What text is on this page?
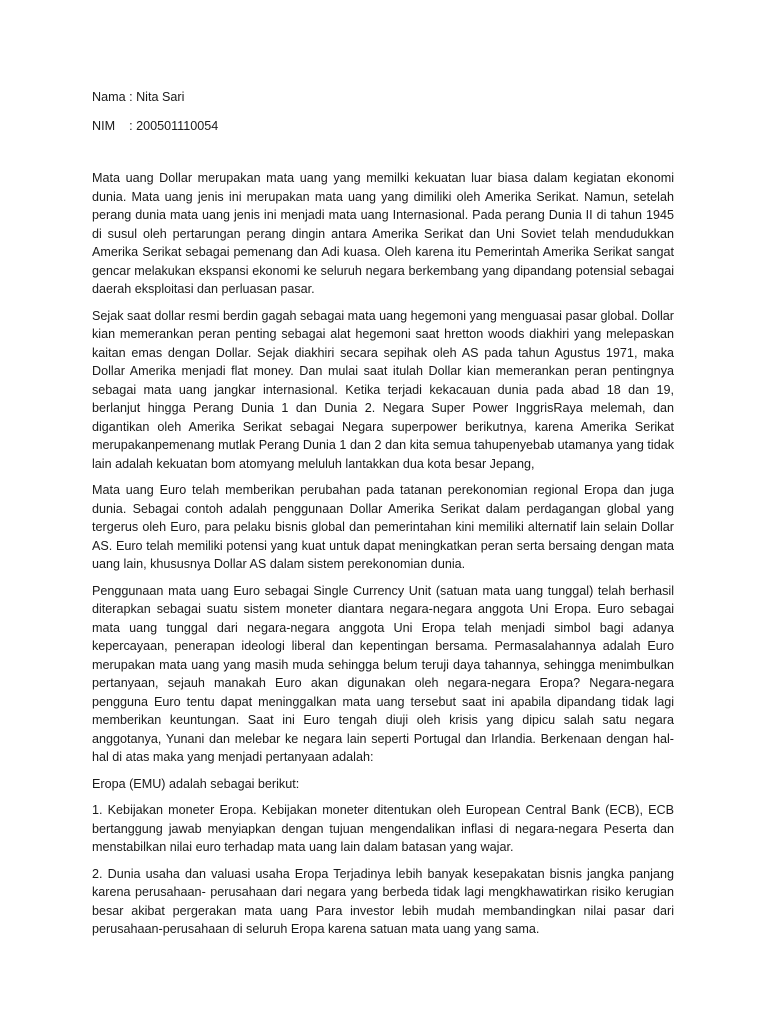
Nama : Nita Sari
NIM    : 200501110054

Mata uang Dollar merupakan mata uang yang memilki kekuatan luar biasa dalam kegiatan ekonomi dunia. Mata uang jenis ini merupakan mata uang yang dimiliki oleh Amerika Serikat. Namun, setelah perang dunia mata uang jenis ini menjadi mata uang Internasional. Pada perang Dunia II di tahun 1945 di susul oleh pertarungan perang dingin antara Amerika Serikat dan Uni Soviet telah mendudukkan Amerika Serikat sebagai pemenang dan Adi kuasa. Oleh karena itu Pemerintah Amerika Serikat sangat gencar melakukan ekspansi ekonomi ke seluruh negara berkembang yang dipandang potensial sebagai daerah eksploitasi dan perluasan pasar.

Sejak saat dollar resmi berdin gagah sebagai mata uang hegemoni yang menguasai pasar global. Dollar kian memerankan peran penting sebagai alat hegemoni saat hretton woods diakhiri yang melepaskan kaitan emas dengan Dollar. Sejak diakhiri secara sepihak oleh AS pada tahun Agustus 1971, maka Dollar Amerika menjadi flat money. Dan mulai saat itulah Dollar kian memerankan peran pentingnya sebagai mata uang jangkar internasional. Ketika terjadi kekacauan dunia pada abad 18 dan 19, berlanjut hingga Perang Dunia 1 dan Dunia 2. Negara Super Power InggrisRaya melemah, dan digantikan oleh Amerika Serikat sebagai Negara superpower berikutnya, karena Amerika Serikat merupakanpemenang mutlak Perang Dunia 1 dan 2 dan kita semua tahupenyebab utamanya yang tidak lain adalah kekuatan bom atomyang meluluh lantakkan dua kota besar Jepang,

Mata uang Euro telah memberikan perubahan pada tatanan perekonomian regional Eropa dan juga dunia. Sebagai contoh adalah penggunaan Dollar Amerika Serikat dalam perdagangan global yang tergerus oleh Euro, para pelaku bisnis global dan pemerintahan kini memiliki alternatif lain selain Dollar AS. Euro telah memiliki potensi yang kuat untuk dapat meningkatkan peran serta bersaing dengan mata uang lain, khususnya Dollar AS dalam sistem perekonomian dunia.

Penggunaan mata uang Euro sebagai Single Currency Unit (satuan mata uang tunggal) telah berhasil diterapkan sebagai suatu sistem moneter diantara negara-negara anggota Uni Eropa. Euro sebagai mata uang tunggal dari negara-negara anggota Uni Eropa telah menjadi simbol bagi adanya kepercayaan, penerapan ideologi liberal dan kepentingan bersama. Permasalahannya adalah Euro merupakan mata uang yang masih muda sehingga belum teruji daya tahannya, sehingga menimbulkan pertanyaan, sejauh manakah Euro akan digunakan oleh negara-negara Eropa? Negara-negara pengguna Euro tentu dapat meninggalkan mata uang tersebut saat ini apabila dipandang tidak lagi memberikan keuntungan. Saat ini Euro tengah diuji oleh krisis yang dipicu salah satu negara anggotanya, Yunani dan melebar ke negara lain seperti Portugal dan Irlandia. Berkenaan dengan hal-hal di atas maka yang menjadi pertanyaan adalah:

Eropa (EMU) adalah sebagai berikut:

1. Kebijakan moneter Eropa. Kebijakan moneter ditentukan oleh European Central Bank (ECB), ECB bertanggung jawab menyiapkan dengan tujuan mengendalikan inflasi di negara-negara Peserta dan menstabilkan nilai euro terhadap mata uang lain dalam batasan yang wajar.

2. Dunia usaha dan valuasi usaha Eropa Terjadinya lebih banyak kesepakatan bisnis jangka panjang karena perusahaan- perusahaan dari negara yang berbeda tidak lagi mengkhawatirkan risiko kerugian besar akibat pergerakan mata uang Para investor lebih mudah membandingkan nilai pasar dari perusahaan-perusahaan di seluruh Eropa karena satuan mata uang yang sama.
